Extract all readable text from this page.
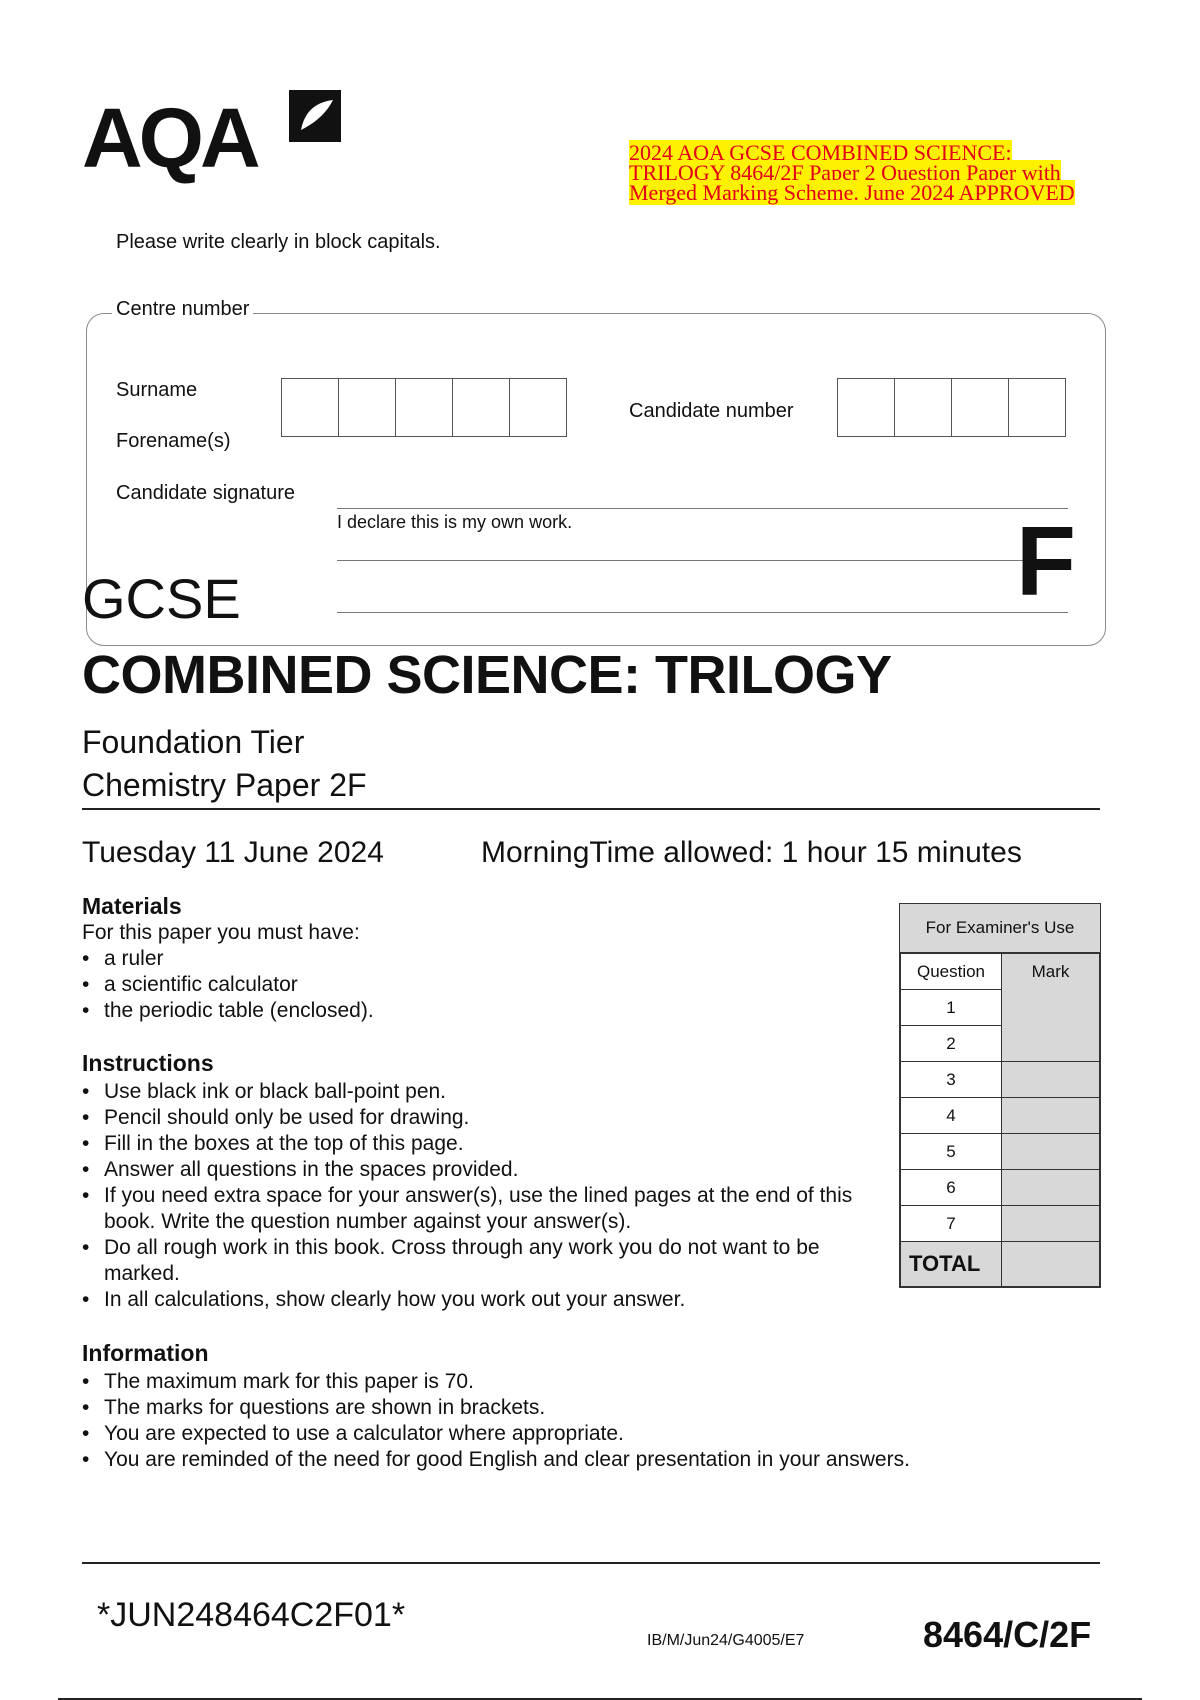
AQA	2024 AQA GCSE COMBINED SCIENCE: TRILOGY 8464/2F Paper 2 Question Paper with Merged Marking Scheme. June 2024 APPROVED
Please write clearly in block capitals.
Centre number
Surname
Candidate number
Forename(s)
Candidate signature
I declare this is my own work.	F
GCSE
COMBINED SCIENCE: TRILOGY
Foundation Tier
Chemistry Paper 2F
Tuesday 11 June 2024	MorningTime allowed: 1 hour 15 minutes
Materials
For this paper you must have:
• a ruler
• a scientific calculator
• the periodic table (enclosed).
Instructions
• Use black ink or black ball-point pen.
• Pencil should only be used for drawing.
• Fill in the boxes at the top of this page.
• Answer all questions in the spaces provided.
• If you need extra space for your answer(s), use the lined pages at the end of this book. Write the question number against your answer(s).
• Do all rough work in this book. Cross through any work you do not want to be marked.
• In all calculations, show clearly how you work out your answer.
Information
• The maximum mark for this paper is 70.
• The marks for questions are shown in brackets.
• You are expected to use a calculator where appropriate.
• You are reminded of the need for good English and clear presentation in your answers.
For Examiner's Use
Question	Mark
1	
2	
3	
4	
5	
6	
7	
TOTAL	
*JUN248464C2F01*
IB/M/Jun24/G4005/E7	8464/C/2F
